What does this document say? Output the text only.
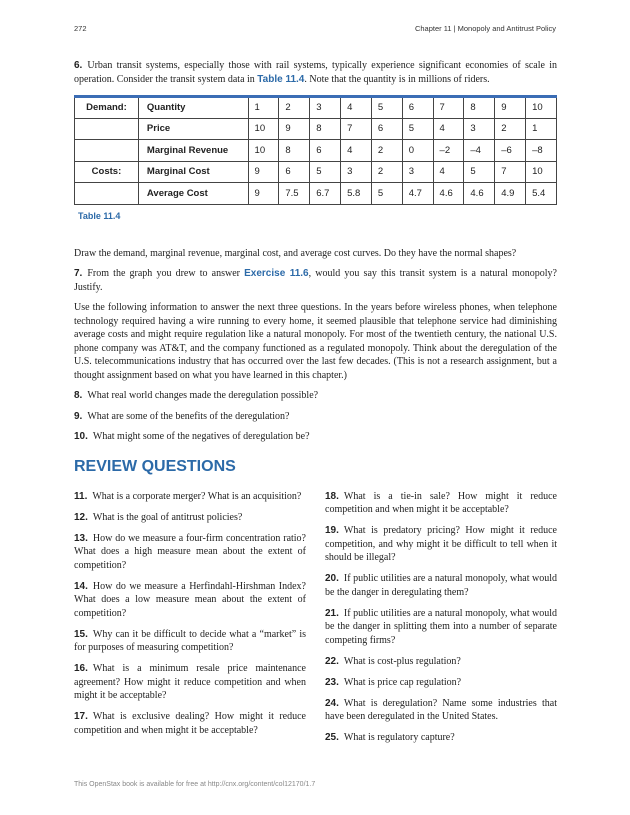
272	Chapter 11 | Monopoly and Antitrust Policy

6. Urban transit systems, especially those with rail systems, typically experience significant economies of scale in operation. Consider the transit system data in Table 11.4. Note that the quantity is in millions of riders.

Demand:	Quantity	1	2	3	4	5	6	7	8	9	10
	Price	10	9	8	7	6	5	4	3	2	1
	Marginal Revenue	10	8	6	4	2	0	–2	–4	–6	–8
Costs:	Marginal Cost	9	6	5	3	2	3	4	5	7	10
	Average Cost	9	7.5	6.7	5.8	5	4.7	4.6	4.6	4.9	5.4
Table 11.4

Draw the demand, marginal revenue, marginal cost, and average cost curves. Do they have the normal shapes?

7. From the graph you drew to answer Exercise 11.6, would you say this transit system is a natural monopoly? Justify.

Use the following information to answer the next three questions. In the years before wireless phones, when telephone technology required having a wire running to every home, it seemed plausible that telephone service had diminishing average costs and might require regulation like a natural monopoly. For most of the twentieth century, the national U.S. phone company was AT&T, and the company functioned as a regulated monopoly. Think about the deregulation of the U.S. telecommunications industry that has occurred over the last few decades. (This is not a research assignment, but a thought assignment based on what you have learned in this chapter.)

8. What real world changes made the deregulation possible?

9. What are some of the benefits of the deregulation?

10. What might some of the negatives of deregulation be?

REVIEW QUESTIONS

11. What is a corporate merger? What is an acquisition?

12. What is the goal of antitrust policies?

13. How do we measure a four-firm concentration ratio? What does a high measure mean about the extent of competition?

14. How do we measure a Herfindahl-Hirshman Index? What does a low measure mean about the extent of competition?

15. Why can it be difficult to decide what a “market” is for purposes of measuring competition?

16. What is a minimum resale price maintenance agreement? How might it reduce competition and when might it be acceptable?

17. What is exclusive dealing? How might it reduce competition and when might it be acceptable?

18. What is a tie-in sale? How might it reduce competition and when might it be acceptable?

19. What is predatory pricing? How might it reduce competition, and why might it be difficult to tell when it should be illegal?

20. If public utilities are a natural monopoly, what would be the danger in deregulating them?

21. If public utilities are a natural monopoly, what would be the danger in splitting them into a number of separate competing firms?

22. What is cost-plus regulation?

23. What is price cap regulation?

24. What is deregulation? Name some industries that have been deregulated in the United States.

25. What is regulatory capture?

This OpenStax book is available for free at http://cnx.org/content/col12170/1.7
